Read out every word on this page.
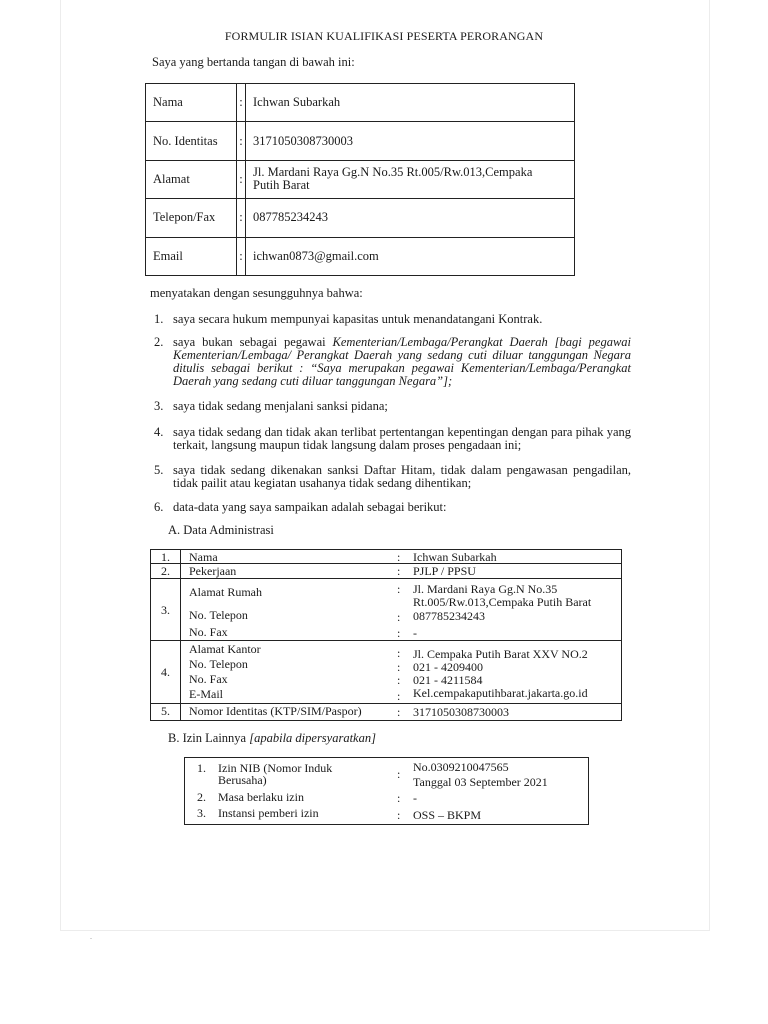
FORMULIR ISIAN KUALIFIKASI PESERTA PERORANGAN
Saya yang bertanda tangan di bawah ini:
Nama	:	Ichwan Subarkah
No. Identitas	:	3171050308730003
Alamat	:	Jl. Mardani Raya Gg.N No.35 Rt.005/Rw.013,Cempaka
Putih Barat

Telepon/Fax	:	087785234243
Email	:	ichwan0873@gmail.com
menyatakan dengan sesungguhnya bahwa:
1. saya secara hukum mempunyai kapasitas untuk menandatangani Kontrak.
2. saya bukan sebagai pegawai Kementerian/Lembaga/Perangkat Daerah [bagi pegawai Kementerian/Lembaga/ Perangkat Daerah yang sedang cuti diluar tanggungan Negara ditulis sebagai berikut : “Saya merupakan pegawai Kementerian/Lembaga/Perangkat Daerah yang sedang cuti diluar tanggungan Negara”];
3. saya tidak sedang menjalani sanksi pidana;
4. saya tidak sedang dan tidak akan terlibat pertentangan kepentingan dengan para pihak yang terkait, langsung maupun tidak langsung dalam proses pengadaan ini;
5. saya tidak sedang dikenakan sanksi Daftar Hitam, tidak dalam pengawasan pengadilan, tidak pailit atau kegiatan usahanya tidak sedang dihentikan;
6. data-data yang saya sampaikan adalah sebagai berikut:
A. Data Administrasi
1. Nama	: Ichwan Subarkah
2. Pekerjaan	: PJLP / PPSU
3.
Alamat Rumah	: Jl. Mardani Raya Gg.N No.35
Rt.005/Rw.013,Cempaka Putih Barat
No. Telepon	: 087785234243
No. Fax	: -
4.
Alamat Kantor	: Jl. Cempaka Putih Barat XXV NO.2
No. Telepon	: 021 - 4209400
No. Fax	: 021 - 4211584
E-Mail	: Kel.cempakaputihbarat.jakarta.go.id
5. Nomor Identitas (KTP/SIM/Paspor)	: 3171050308730003
B. Izin Lainnya [apabila dipersyaratkan]
1. Izin NIB (Nomor Induk
Berusaha)	: No.0309210047565
Tanggal 03 September 2021
2. Masa berlaku izin	: -
3. Instansi pemberi izin	: OSS – BKPM
.
